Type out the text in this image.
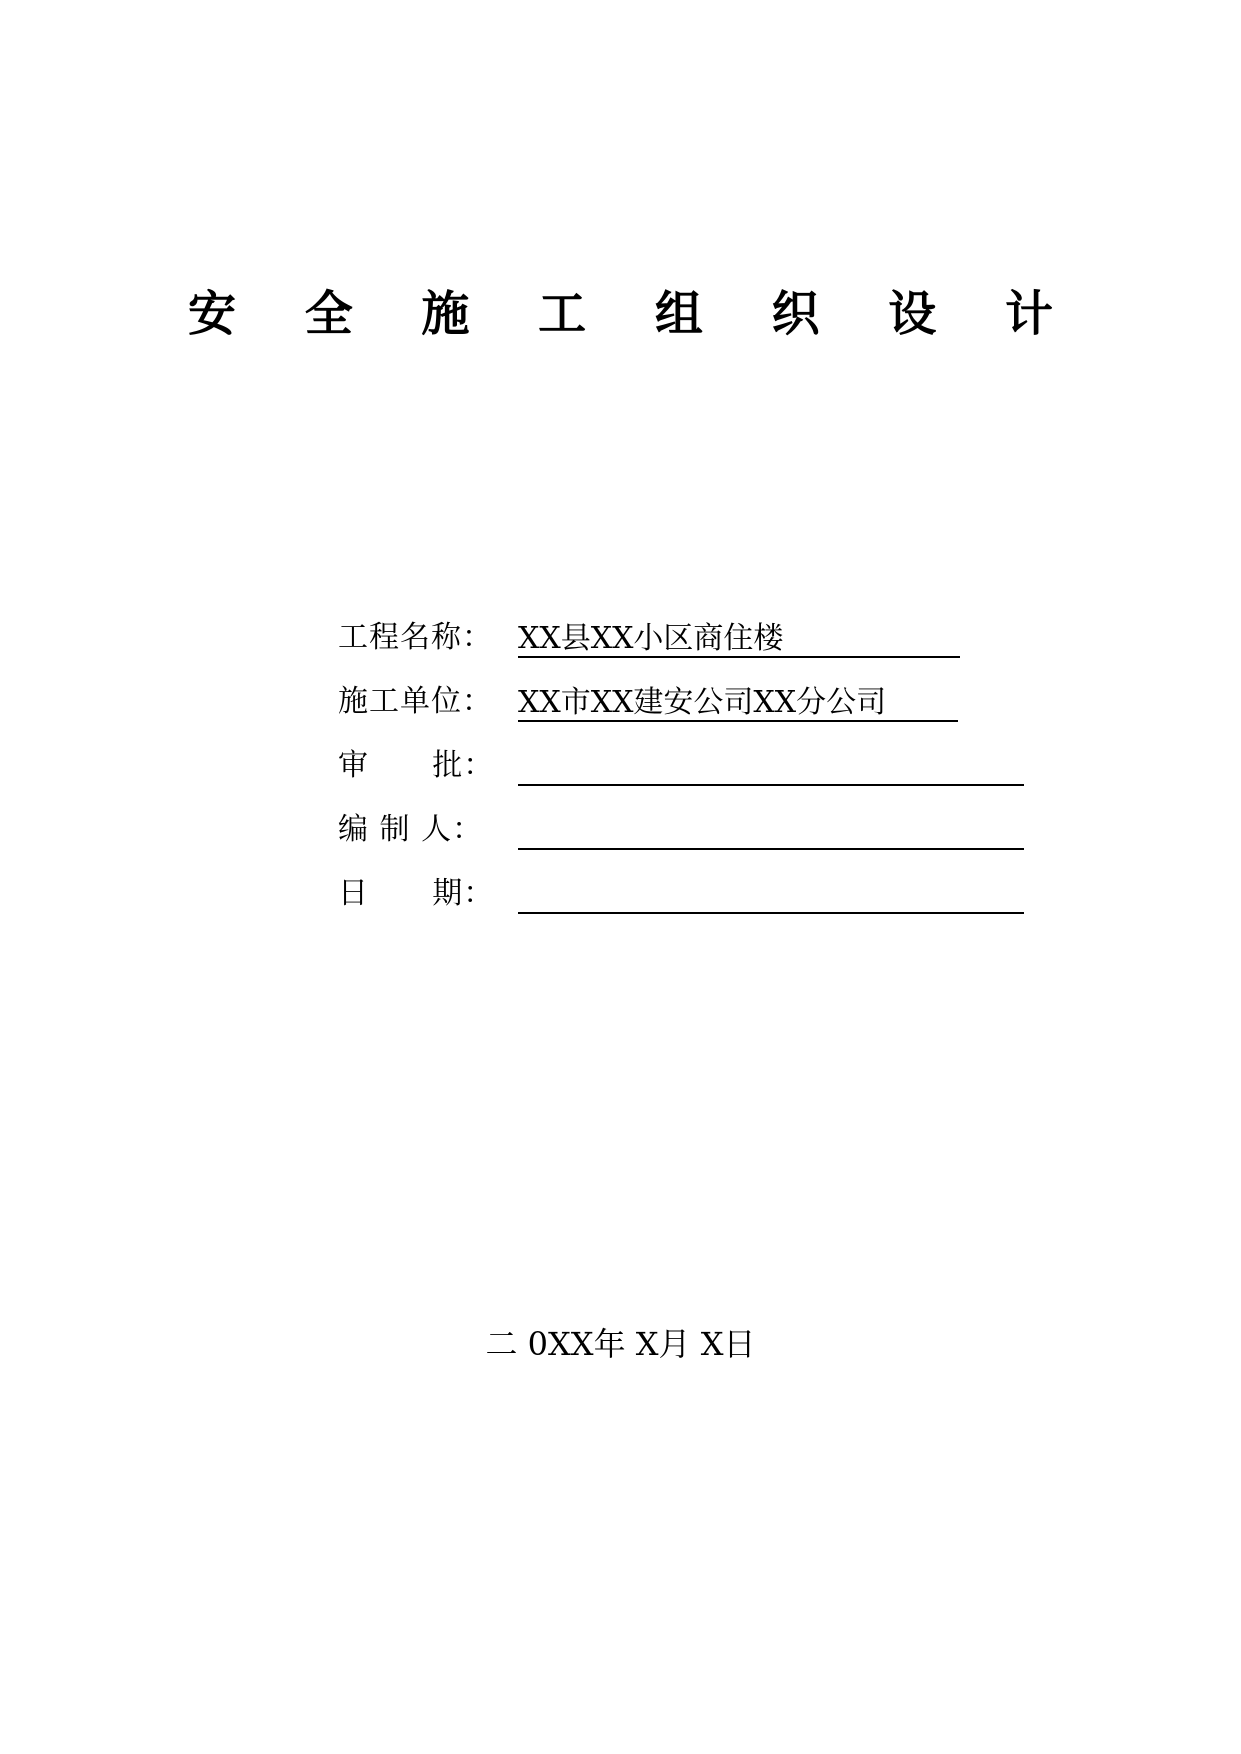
安 全 施 工 组 织 设 计
工程名称： XX县XX小区商住楼
施工单位： XX市XX建安公司XX分公司
审      批：
编 制 人：
日      期：
二 0XX年 X月 X日
